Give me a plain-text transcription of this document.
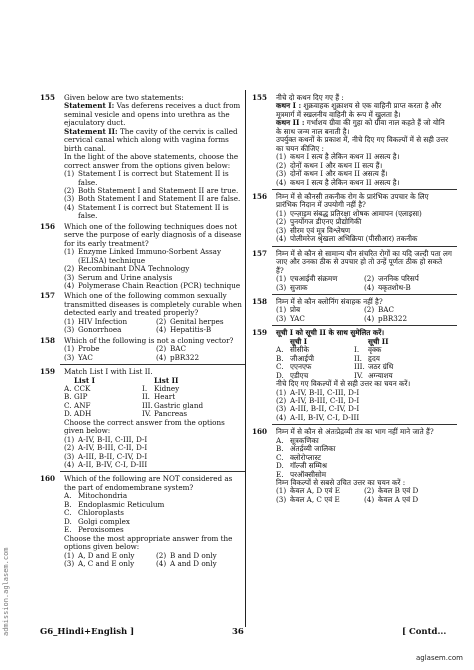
155 Given below are two statements:
Statement I: Vas deferens receives a duct from seminal vesicle and opens into urethra as the ejaculatory duct.
Statement II: The cavity of the cervix is called cervical canal which along with vagina forms birth canal.
In the light of the above statements, choose the correct answer from the options given below:
(1) Statement I is correct but Statement II is false.
(2) Both Statement I and Statement II are true.
(3) Both Statement I and Statement II are false.
(4) Statement I is correct but Statement II is false.
156 Which one of the following techniques does not serve the purpose of early diagnosis of a disease for its early treatment?
(1) Enzyme Linked Immuno-Sorbent Assay (ELISA) technique
(2) Recombinant DNA Technology
(3) Serum and Urine analysis
(4) Polymerase Chain Reaction (PCR) technique
157 Which one of the following common sexually transmitted diseases is completely curable when detected early and treated properly?
(1) HIV Infection	(2) Genital herpes
(3) Gonorrhoea	(4) Hepatitis-B
158 Which of the following is not a cloning vector?
(1) Probe	(2) BAC
(3) YAC	(4) pBR322
159 Match List I with List II.
List I	List II
A. CCK	I. Kidney
B. GIP	II. Heart
C. ANF	III. Gastric gland
D. ADH	IV. Pancreas
Choose the correct answer from the options given below:
(1) A-IV, B-II, C-III, D-I
(2) A-IV, B-III, C-II, D-I
(3) A-III, B-II, C-IV, D-I
(4) A-II, B-IV, C-I, D-III
160 Which of the following are NOT considered as the part of endomembrane system?
A. Mitochondria
B. Endoplasmic Reticulum
C. Chloroplasts
D. Golgi complex
E. Peroxisomes
Choose the most appropriate answer from the options given below:
(1) A, D and E only	(2) B and D only
(3) A, C and E only	(4) A and D only
155 नीचे दो कथन दिए गए हैं :
कथन I : शुक्रवाहक शुक्राशय से एक वाहिनी प्राप्त करता है और मूत्रमार्ग में स्खलनीय वाहिनी के रूप में खुलता है।
कथन II : गर्भाशय ग्रीवा की गुहा को ग्रीवा नाल कहते हैं जो योनि के साथ जन्म नाल बनाती है।
उपर्युक्त कथनों के प्रकाश में, नीचे दिए गए विकल्पों में से सही उत्तर का चयन कीजिए :
(1) कथन I सत्य है लेकिन कथन II असत्य है।
(2) दोनों कथन I और कथन II सत्य हैं।
(3) दोनों कथन I और कथन II असत्य हैं।
(4) कथन I सत्य है लेकिन कथन II असत्य है।
156 निम्न में से कौनसी तकनीक रोग के प्रारंभिक उपचार के लिए प्रारंभिक निदान में उपयोगी नहीं है?
(1) एन्ज़ाइम संबद्ध प्रतिरक्षा शोषक आमापन (एलाइसा)
(2) पुनर्योगज डीएनए प्रौद्योगिकी
(3) सीरम एवं मूत्र विश्लेषण
(4) पोलीमरेज श्रृंखला अभिक्रिया (पीसीआर) तकनीक
157 निम्न में से कौन से सामान्य यौन संचरित रोगों का यदि जल्दी पता लग जाए और उनका ठीक से उपचार हो तो उन्हें पूर्णतः ठीक हो सकते हैं?
(1) एचआईवी संक्रमण	(2) जननिक परिसर्प
(3) सुजाक	(4) यकृतशोथ-B
158 निम्न में से कौन क्लोनिंग संवाहक नहीं है?
(1) प्रोब	(2) BAC
(3) YAC	(4) pBR322
159 सूची I को सूची II के साथ सुमेलित करें।
सूची I	सूची II
A. सीसीके	I.	वृक्क
B. जीआईपी	II. हृदय
C. एएनएफ	III. जठर ग्रंथि
D. एडीएच	IV. अग्न्याशय
नीचे दिए गए विकल्पों में से सही उत्तर का चयन करें।
(1) A-IV, B-II, C-III, D-I
(2) A-IV, B-III, C-II, D-I
(3) A-III, B-II, C-IV, D-I
(4) A-II, B-IV, C-I, D-III
160 निम्न में से कौन से अंतःप्रेद्रव्यी तंत्र का भाग नहीं माने जाते हैं?
A. सूत्रकणिका
B. अंतर्द्रव्यी जालिका
C. क्लोरोप्लास्ट
D. गॉल्जी सम्मिश्र
E. परऑक्सीसोम
निम्न विकल्पों से सबसे उचित उत्तर का चयन करें :
(1) केवल A, D एवं E	(2) केवल B एवं D
(3) केवल A, C एवं E	(4) केवल A एवं D
G6_Hindi+English ]	36	[ Contd...
admission.aglasem.com
aglasem.com
